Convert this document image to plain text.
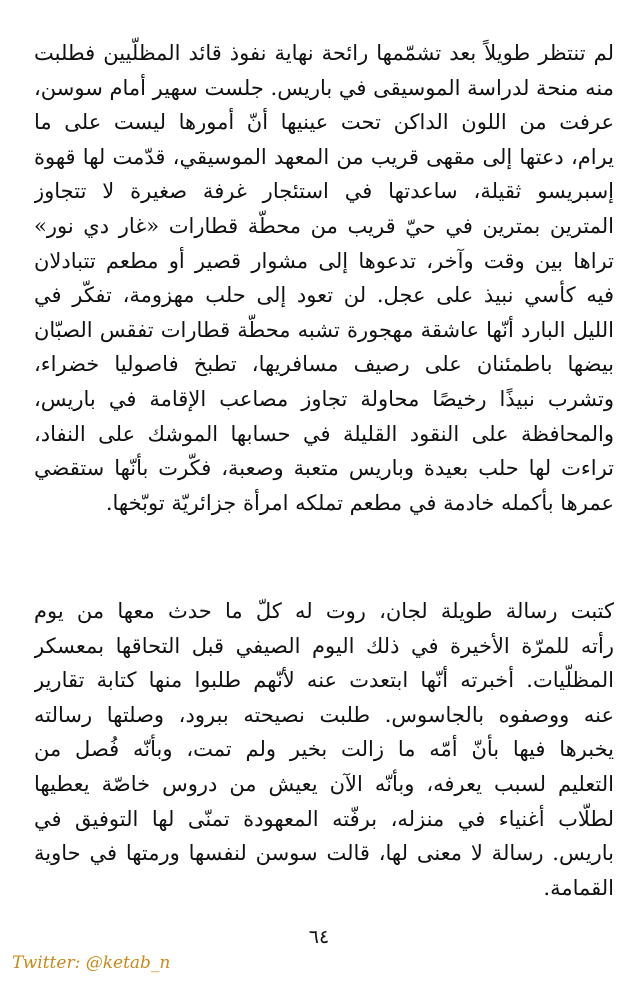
لم تنتظر طويلاً بعد تشمّمها رائحة نهاية نفوذ قائد المظلّيين فطلبت
منه منحة لدراسة الموسيقى في باريس. جلست سهير أمام سوسن،
عرفت من اللون الداكن تحت عينيها أنّ أمورها ليست على ما
يرام، دعتها إلى مقهى قريب من المعهد الموسيقي، قدّمت لها قهوة
إسبريسو ثقيلة، ساعدتها في استئجار غرفة صغيرة لا تتجاوز
المترين بمترين في حيّ قريب من محطّة قطارات «غار دي نور»
تراها بين وقت وآخر، تدعوها إلى مشوار قصير أو مطعم تتبادلان
فيه كأسي نبيذ على عجل. لن تعود إلى حلب مهزومة، تفكّر في
الليل البارد أنّها عاشقة مهجورة تشبه محطّة قطارات تفقس الصبّان
بيضها باطمئنان على رصيف مسافريها، تطبخ فاصوليا خضراء،
وتشرب نبيذًا رخيصًا محاولة تجاوز مصاعب الإقامة في باريس،
والمحافظة على النقود القليلة في حسابها الموشك على النفاد،
تراءت لها حلب بعيدة وباريس متعبة وصعبة، فكّرت بأنّها ستقضي
عمرها بأكمله خادمة في مطعم تملكه امرأة جزائريّة توبّخها.
كتبت رسالة طويلة لجان، روت له كلّ ما حدث معها من يوم
رأته للمرّة الأخيرة في ذلك اليوم الصيفي قبل التحاقها بمعسكر
المظلّيات. أخبرته أنّها ابتعدت عنه لأنّهم طلبوا منها كتابة تقارير
عنه ووصفوه بالجاسوس. طلبت نصيحته ببرود، وصلتها رسالته
يخبرها فيها بأنّ أمّه ما زالت بخير ولم تمت، وبأنّه فُصل من
التعليم لسبب يعرفه، وبأنّه الآن يعيش من دروس خاصّة يعطيها
لطلّاب أغنياء في منزله، برفّته المعهودة تمنّى لها التوفيق في
باريس. رسالة لا معنى لها، قالت سوسن لنفسها ورمتها في حاوية
القمامة.
٦٤
Twitter: @ketab_n
